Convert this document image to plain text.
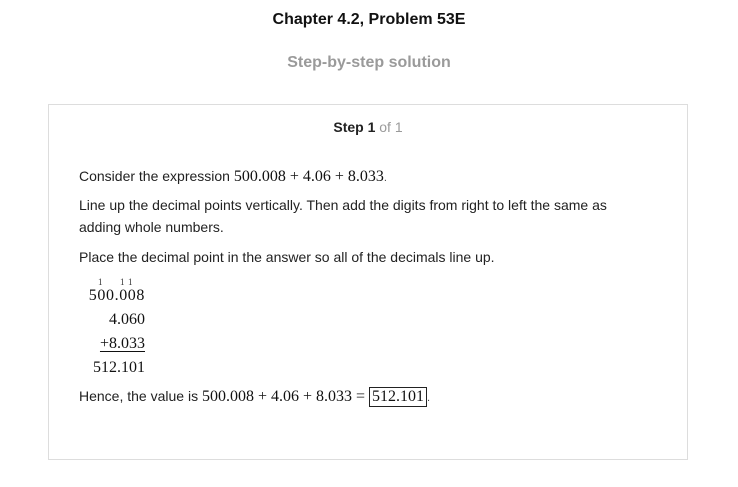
Chapter 4.2, Problem 53E
Step-by-step solution
Step 1 of 1
Consider the expression 500.008 + 4.06 + 8.033.
Line up the decimal points vertically. Then add the digits from right to left the same as adding whole numbers.
Place the decimal point in the answer so all of the decimals line up.
1 1 1
500.008
4.060
+8.033
512.101
Hence, the value is 500.008 + 4.06 + 8.033 = 512.101 .
